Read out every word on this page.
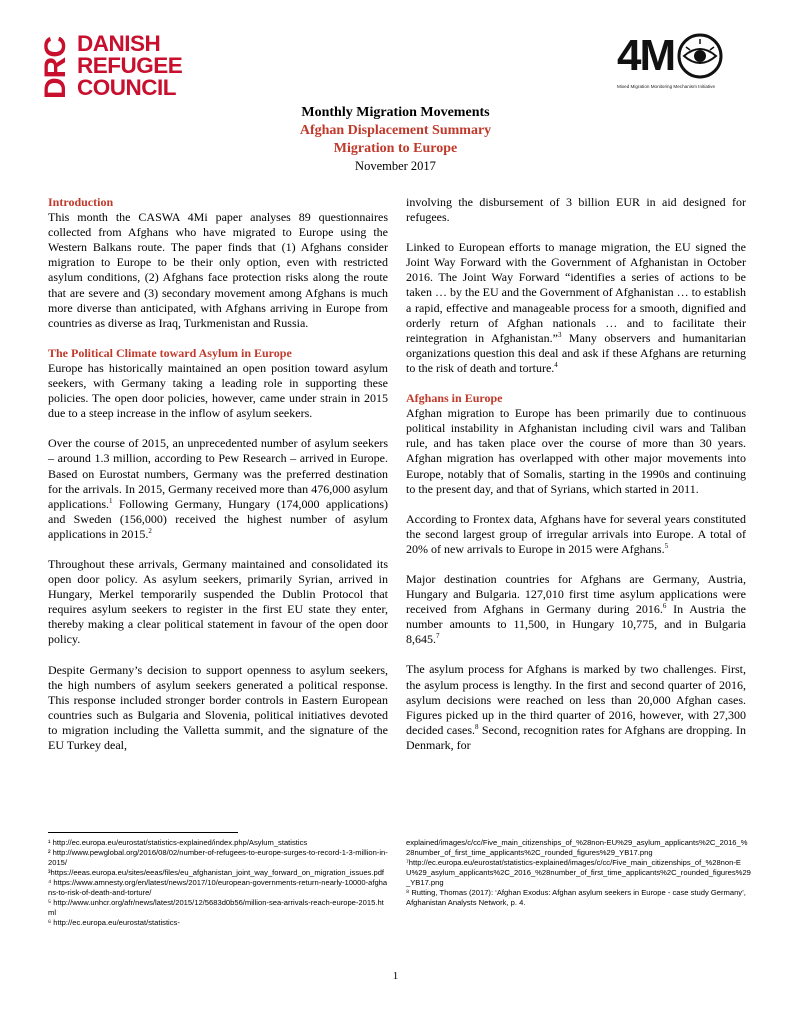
DRC DANISH
REFUGEE
COUNCIL
4M
Mixed Migration Monitoring Mechanism Initiative
Monthly Migration Movements
Afghan Displacement Summary
Migration to Europe
November 2017
Introduction

This month the CASWA 4Mi paper analyses 89 questionnaires collected from Afghans who have migrated to Europe using the Western Balkans route. The paper finds that (1) Afghans consider migration to Europe to be their only option, even with restricted asylum conditions, (2) Afghans face protection risks along the route that are severe and (3) secondary movement among Afghans is much more diverse than anticipated, with Afghans arriving in Europe from countries as diverse as Iraq, Turkmenistan and Russia.

The Political Climate toward Asylum in Europe

Europe has historically maintained an open position toward asylum seekers, with Germany taking a leading role in supporting these policies. The open door policies, however, came under strain in 2015 due to a steep increase in the inflow of asylum seekers.

Over the course of 2015, an unprecedented number of asylum seekers – around 1.3 million, according to Pew Research – arrived in Europe. Based on Eurostat numbers, Germany was the preferred destination for the arrivals. In 2015, Germany received more than 476,000 asylum applications.$^1$ Following Germany, Hungary (174,000 applications) and Sweden (156,000) received the highest number of asylum applications in 2015.$^2$

Throughout these arrivals, Germany maintained and consolidated its open door policy. As asylum seekers, primarily Syrian, arrived in Hungary, Merkel temporarily suspended the Dublin Protocol that requires asylum seekers to register in the first EU state they enter, thereby making a clear political statement in favour of the open door policy.

Despite Germany’s decision to support openness to asylum seekers, the high numbers of asylum seekers generated a political response. This response included stronger border controls in Eastern European countries such as Bulgaria and Slovenia, political initiatives devoted to migration including the Valletta summit, and the signature of the EU Turkey deal,

involving the disbursement of 3 billion EUR in aid designed for refugees.

Linked to European efforts to manage migration, the EU signed the Joint Way Forward with the Government of Afghanistan in October 2016. The Joint Way Forward “identifies a series of actions to be taken … by the EU and the Government of Afghanistan … to establish a rapid, effective and manageable process for a smooth, dignified and orderly return of Afghan nationals … and to facilitate their reintegration in Afghanistan.”$^3$ Many observers and humanitarian organizations question this deal and ask if these Afghans are returning to the risk of death and torture.$^4$

Afghans in Europe

Afghan migration to Europe has been primarily due to continuous political instability in Afghanistan including civil wars and Taliban rule, and has taken place over the course of more than 30 years. Afghan migration has overlapped with other major movements into Europe, notably that of Somalis, starting in the 1990s and continuing to the present day, and that of Syrians, which started in 2011.

According to Frontex data, Afghans have for several years constituted the second largest group of irregular arrivals into Europe. A total of 20% of new arrivals to Europe in 2015 were Afghans.$^5$

Major destination countries for Afghans are Germany, Austria, Hungary and Bulgaria. 127,010 first time asylum applications were received from Afghans in Germany during 2016.$^6$ In Austria the number amounts to 11,500, in Hungary 10,775, and in Bulgaria 8,645.$^7$

The asylum process for Afghans is marked by two challenges. First, the asylum process is lengthy. In the first and second quarter of 2016, asylum decisions were reached on less than 20,000 Afghan cases. Figures picked up in the third quarter of 2016, however, with 27,300 decided cases.$^8$ Second, recognition rates for Afghans are dropping. In Denmark, for

¹ http://ec.europa.eu/eurostat/statistics-explained/index.php/Asylum_statistics
² http://www.pewglobal.org/2016/08/02/number-of-refugees-to-europe-surges-to-record-1-3-million-in-2015/
³https://eeas.europa.eu/sites/eeas/files/eu_afghanistan_joint_way_forward_on_migration_issues.pdf
⁴ https://www.amnesty.org/en/latest/news/2017/10/european-governments-return-nearly-10000-afghans-to-risk-of-death-and-torture/
⁵ http://www.unhcr.org/afr/news/latest/2015/12/5683d0b56/million-sea-arrivals-reach-europe-2015.html
⁶ http://ec.europa.eu/eurostat/statistics-
explained/images/c/cc/Five_main_citizenships_of_%28non-EU%29_asylum_applicants%2C_2016_%28number_of_first_time_applicants%2C_rounded_figures%29_YB17.png
⁷http://ec.europa.eu/eurostat/statistics-explained/images/c/cc/Five_main_citizenships_of_%28non-EU%29_asylum_applicants%2C_2016_%28number_of_first_time_applicants%2C_rounded_figures%29_YB17.png
⁸ Rutting, Thomas (2017): ‘Afghan Exodus: Afghan asylum seekers in Europe - case study Germany’, Afghanistan Analysts Network, p. 4.
1
